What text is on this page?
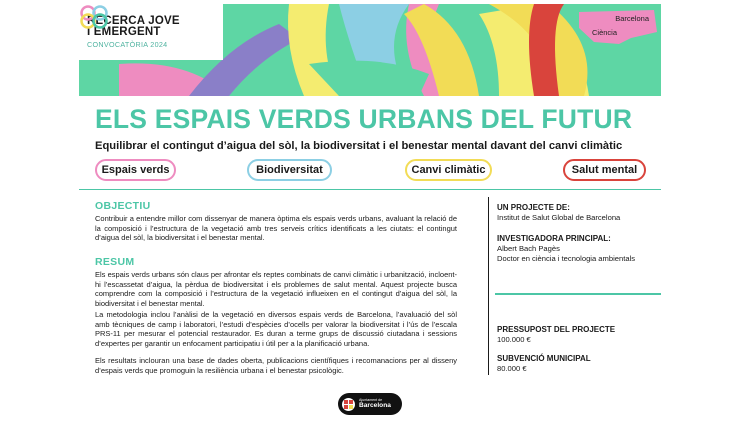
RECERCA JOVE
I EMERGENT
CONVOCATÒRIA 2024
Barcelona
Ciència
ELS ESPAIS VERDS URBANS DEL FUTUR
Equilibrar el contingut d’aigua del sòl, la biodiversitat i el benestar mental davant del canvi climàtic
Espais verds	Biodiversitat	Canvi climàtic	Salut mental
OBJECTIU
Contribuir a entendre millor com dissenyar de manera òptima els espais verds urbans, avaluant la relació de la composició i l’estructura de la vegetació amb tres serveis crítics identificats a les ciutats: el contingut d’aigua del sòl, la biodiversitat i el benestar mental.
RESUM
Els espais verds urbans són claus per afrontar els reptes combinats de canvi climàtic i urbanització, incloent-hi l’escassetat d’aigua, la pèrdua de biodiversitat i els problemes de salut mental. Aquest projecte busca comprendre com la composició i l’estructura de la vegetació influeixen en el contingut d’aigua del sòl, la biodiversitat i el benestar mental.
La metodologia inclou l’anàlisi de la vegetació en diversos espais verds de Barcelona, l’avaluació del sòl amb tècniques de camp i laboratori, l’estudi d’espècies d’ocells per valorar la biodiversitat i l’ús de l’escala PRS-11 per mesurar el potencial restaurador. Es duran a terme grups de discussió ciutadana i sessions d’expertes per garantir un enfocament participatiu i útil per a la planificació urbana.
Els resultats inclouran una base de dades oberta, publicacions científiques i recomanacions per al disseny d’espais verds que promoguin la resiliència urbana i el benestar psicològic.
UN PROJECTE DE:
Institut de Salut Global de Barcelona
INVESTIGADORA PRINCIPAL:
Albert Bach Pagès
Doctor en ciència i tecnologia ambientals
PRESSUPOST DEL PROJECTE
100.000 €
SUBVENCIÓ MUNICIPAL
80.000 €
Ajuntament de
Barcelona
